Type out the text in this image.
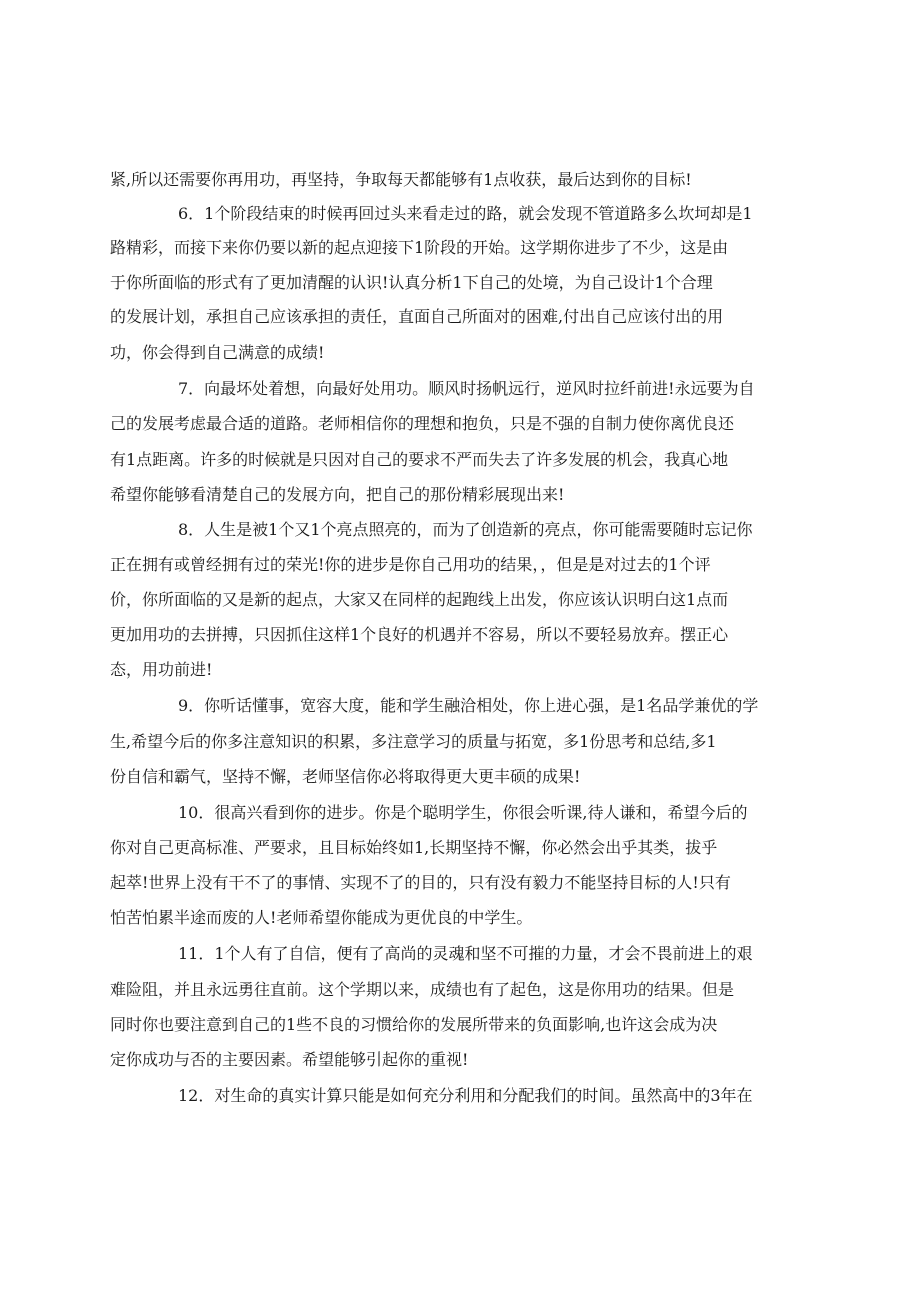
紧,所以还需要你再用功，再坚持，争取每天都能够有1点收获，最后达到你的目标!
6．1个阶段结束的时候再回过头来看走过的路，就会发现不管道路多么坎坷却是1
路精彩，而接下来你仍要以新的起点迎接下1阶段的开始。这学期你进步了不少，这是由
于你所面临的形式有了更加清醒的认识!认真分析1下自己的处境，为自己设计1个合理
的发展计划，承担自己应该承担的责任，直面自己所面对的困难,付出自己应该付出的用
功，你会得到自己满意的成绩!
7．向最坏处着想，向最好处用功。顺风时扬帆远行，逆风时拉纤前进!永远要为自
己的发展考虑最合适的道路。老师相信你的理想和抱负，只是不强的自制力使你离优良还
有1点距离。许多的时候就是只因对自己的要求不严而失去了许多发展的机会，我真心地
希望你能够看清楚自己的发展方向，把自己的那份精彩展现出来!
8．人生是被1个又1个亮点照亮的，而为了创造新的亮点，你可能需要随时忘记你
正在拥有或曾经拥有过的荣光!你的进步是你自己用功的结果，，但是是对过去的1个评
价，你所面临的又是新的起点，大家又在同样的起跑线上出发，你应该认识明白这1点而
更加用功的去拼搏，只因抓住这样1个良好的机遇并不容易，所以不要轻易放弃。摆正心
态，用功前进!
9．你听话懂事，宽容大度，能和学生融洽相处，你上进心强，是1名品学兼优的学
生,希望今后的你多注意知识的积累，多注意学习的质量与拓宽，多1份思考和总结,多1
份自信和霸气，坚持不懈，老师坚信你必将取得更大更丰硕的成果!
10．很高兴看到你的进步。你是个聪明学生，你很会听课,待人谦和，希望今后的
你对自己更高标准、严要求，且目标始终如1,长期坚持不懈，你必然会出乎其类，拔乎
起萃!世界上没有干不了的事情、实现不了的目的，只有没有毅力不能坚持目标的人!只有
怕苦怕累半途而废的人!老师希望你能成为更优良的中学生。
11．1个人有了自信，便有了高尚的灵魂和坚不可摧的力量，才会不畏前进上的艰
难险阻，并且永远勇往直前。这个学期以来，成绩也有了起色，这是你用功的结果。但是
同时你也要注意到自己的1些不良的习惯给你的发展所带来的负面影响,也许这会成为决
定你成功与否的主要因素。希望能够引起你的重视!
12．对生命的真实计算只能是如何充分利用和分配我们的时间。虽然高中的3年在
